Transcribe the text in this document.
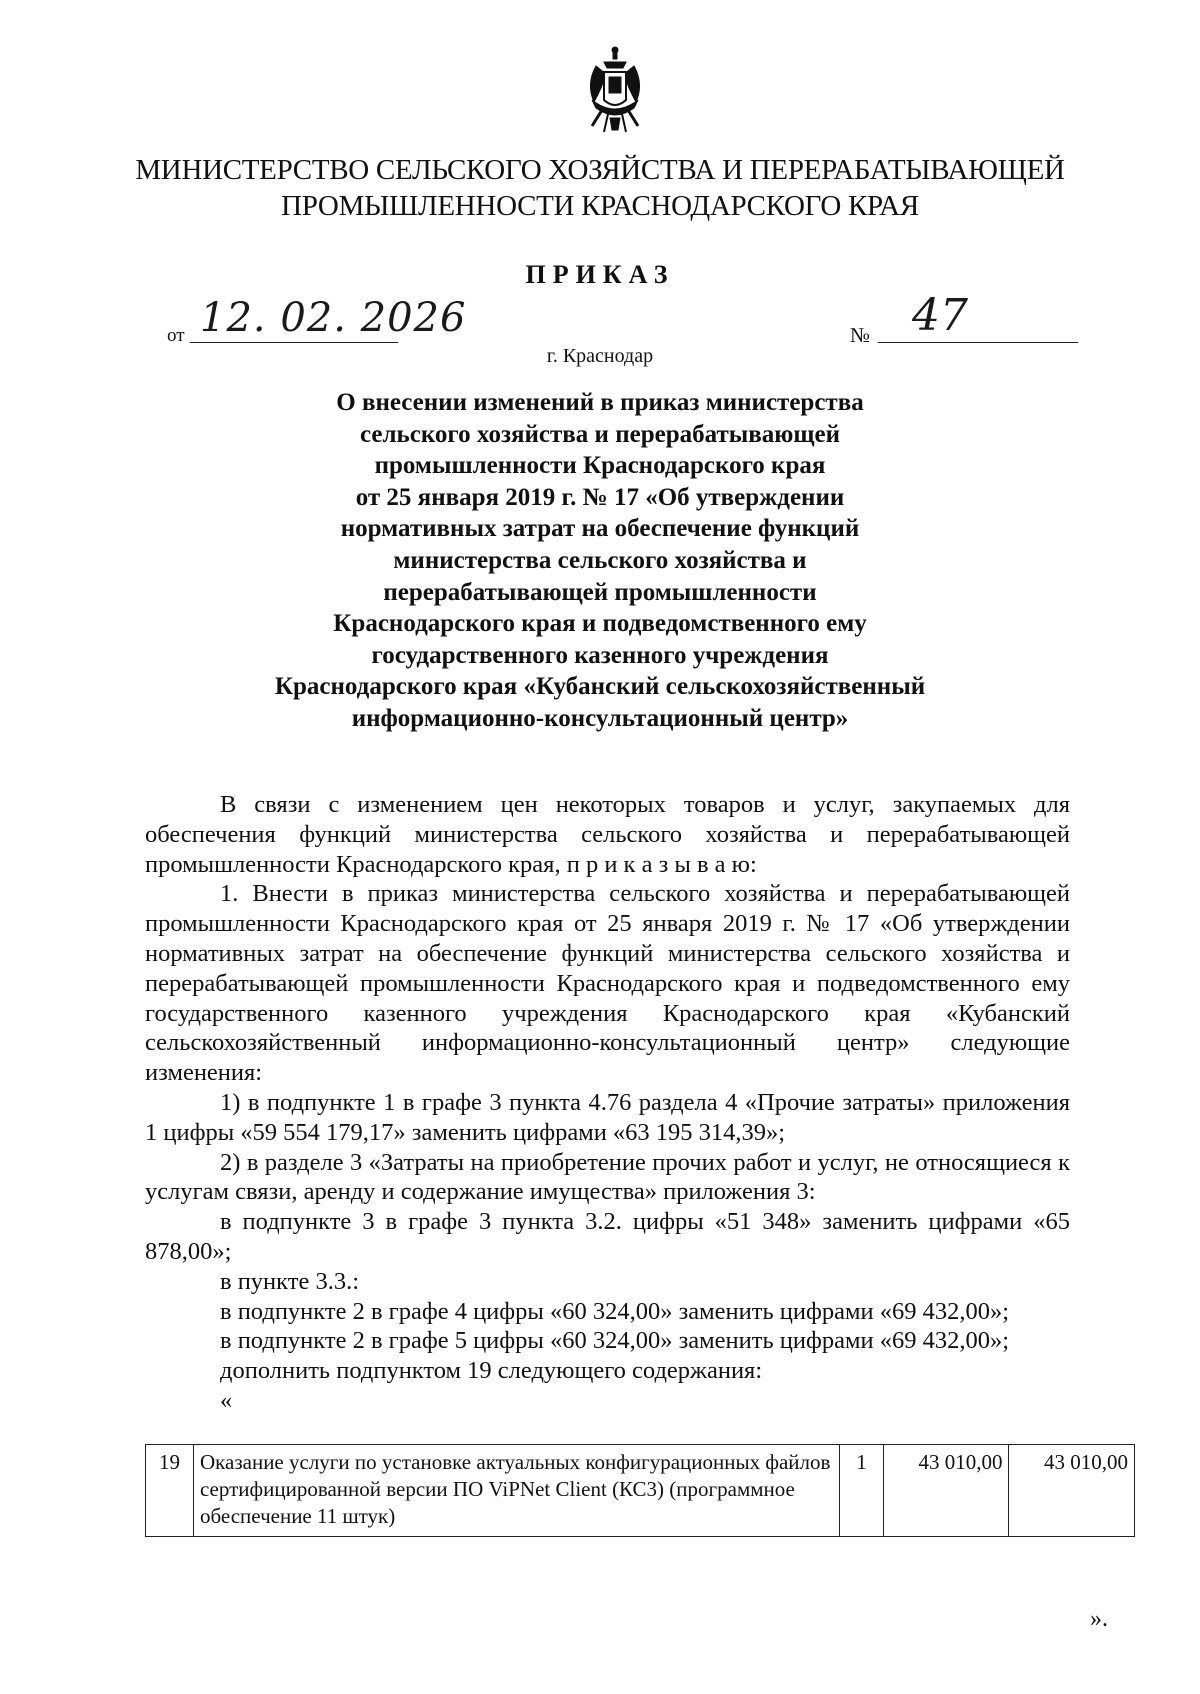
МИНИСТЕРСТВО СЕЛЬСКОГО ХОЗЯЙСТВА И ПЕРЕРАБАТЫВАЮЩЕЙ
ПРОМЫШЛЕННОСТИ КРАСНОДАРСКОГО КРАЯ
ПРИКАЗ
от 12. 02. 2026	№ 47
г. Краснодар
О внесении изменений в приказ министерства
сельского хозяйства и перерабатывающей
промышленности Краснодарского края
от 25 января 2019 г. № 17 «Об утверждении
нормативных затрат на обеспечение функций
министерства сельского хозяйства и
перерабатывающей промышленности
Краснодарского края и подведомственного ему
государственного казенного учреждения
Краснодарского края «Кубанский сельскохозяйственный
информационно-консультационный центр»

В связи с изменением цен некоторых товаров и услуг, закупаемых для обеспечения функций министерства сельского хозяйства и перерабатывающей промышленности Краснодарского края, п р и к а з ы в а ю:

1. Внести в приказ министерства сельского хозяйства и перерабатывающей промышленности Краснодарского края от 25 января 2019 г. № 17 «Об утверждении нормативных затрат на обеспечение функций министерства сельского хозяйства и перерабатывающей промышленности Краснодарского края и подведомственного ему государственного казенного учреждения Краснодарского края «Кубанский сельскохозяйственный информационно-консультационный центр» следующие изменения:

1) в подпункте 1 в графе 3 пункта 4.76 раздела 4 «Прочие затраты» приложения 1 цифры «59 554 179,17» заменить цифрами «63 195 314,39»;

2) в разделе 3 «Затраты на приобретение прочих работ и услуг, не относящиеся к услугам связи, аренду и содержание имущества» приложения 3:

в подпункте 3 в графе 3 пункта 3.2. цифры «51 348» заменить цифрами «65 878,00»;

в пункте 3.3.:

в подпункте 2 в графе 4 цифры «60 324,00» заменить цифрами «69 432,00»;

в подпункте 2 в графе 5 цифры «60 324,00» заменить цифрами «69 432,00»;

дополнить подпунктом 19 следующего содержания:

«

19	Оказание услуги по установке актуальных конфигурационных файлов сертифицированной версии ПО ViPNet Client (КС3) (программное обеспечение 11 штук)	1	43 010,00	43 010,00
».
